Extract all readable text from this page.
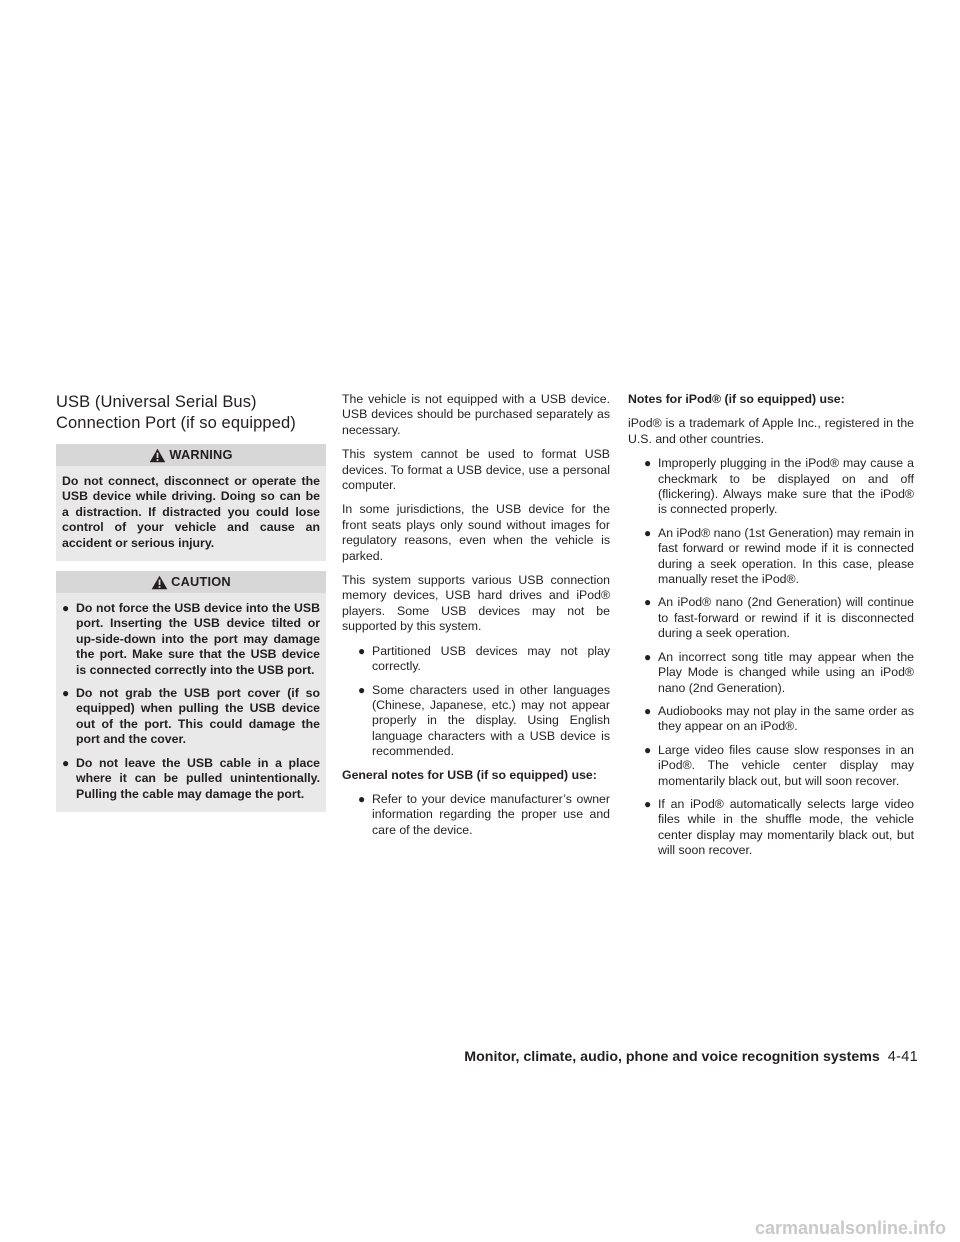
USB (Universal Serial Bus)
Connection Port (if so equipped)
WARNING

Do not connect, disconnect or operate the USB device while driving. Doing so can be a distraction. If distracted you could lose control of your vehicle and cause an accident or serious injury.

CAUTION
● Do not force the USB device into the USB port. Inserting the USB device tilted or up-side-down into the port may damage the port. Make sure that the USB device is connected correctly into the USB port.
● Do not grab the USB port cover (if so equipped) when pulling the USB device out of the port. This could damage the port and the cover.
● Do not leave the USB cable in a place where it can be pulled unintentionally. Pulling the cable may damage the port.

The vehicle is not equipped with a USB device. USB devices should be purchased separately as necessary.

This system cannot be used to format USB devices. To format a USB device, use a personal computer.

In some jurisdictions, the USB device for the front seats plays only sound without images for regulatory reasons, even when the vehicle is parked.

This system supports various USB connection memory devices, USB hard drives and iPod® players. Some USB devices may not be supported by this system.

● Partitioned USB devices may not play correctly.
● Some characters used in other languages (Chinese, Japanese, etc.) may not appear properly in the display. Using English language characters with a USB device is recommended.
General notes for USB (if so equipped) use:
● Refer to your device manufacturer’s owner information regarding the proper use and care of the device.
Notes for iPod® (if so equipped) use:

iPod® is a trademark of Apple Inc., registered in the U.S. and other countries.

● Improperly plugging in the iPod® may cause a checkmark to be displayed on and off (flickering). Always make sure that the iPod® is connected properly.
● An iPod® nano (1st Generation) may remain in fast forward or rewind mode if it is connected during a seek operation. In this case, please manually reset the iPod®.
● An iPod® nano (2nd Generation) will continue to fast-forward or rewind if it is disconnected during a seek operation.
● An incorrect song title may appear when the Play Mode is changed while using an iPod® nano (2nd Generation).
● Audiobooks may not play in the same order as they appear on an iPod®.
● Large video files cause slow responses in an iPod®. The vehicle center display may momentarily black out, but will soon recover.
● If an iPod® automatically selects large video files while in the shuffle mode, the vehicle center display may momentarily black out, but will soon recover.
Monitor, climate, audio, phone and voice recognition systems 4-41
carmanualsonline.info
